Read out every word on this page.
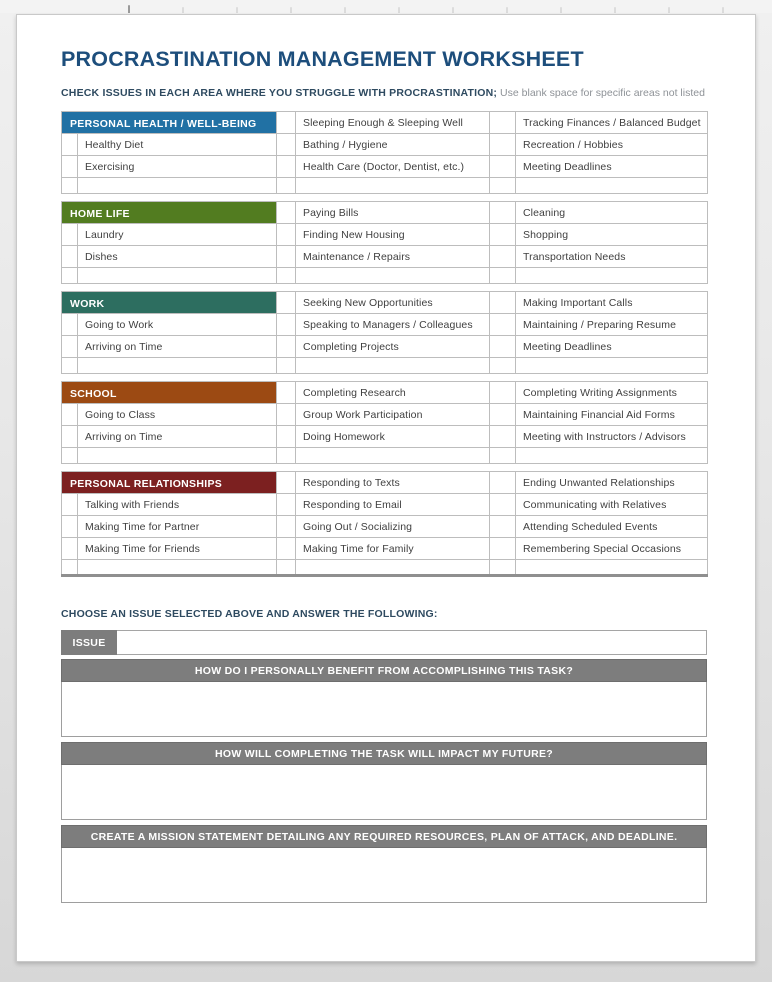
PROCRASTINATION MANAGEMENT WORKSHEET
CHECK ISSUES IN EACH AREA WHERE YOU STRUGGLE WITH PROCRASTINATION; Use blank space for specific areas not listed
PERSONAL HEALTH / WELL-BEING			Sleeping Enough & Sleeping Well		Tracking Finances / Balanced Budget
	Healthy Diet		Bathing / Hygiene		Recreation / Hobbies
	Exercising		Health Care (Doctor, Dentist, etc.)		Meeting Deadlines

HOME LIFE			Paying Bills		Cleaning
	Laundry		Finding New Housing		Shopping
	Dishes		Maintenance / Repairs		Transportation Needs

WORK			Seeking New Opportunities		Making Important Calls
	Going to Work		Speaking to Managers / Colleagues		Maintaining / Preparing Resume
	Arriving on Time		Completing Projects		Meeting Deadlines

SCHOOL			Completing Research		Completing Writing Assignments
	Going to Class		Group Work Participation		Maintaining Financial Aid Forms
	Arriving on Time		Doing Homework		Meeting with Instructors / Advisors

PERSONAL RELATIONSHIPS			Responding to Texts		Ending Unwanted Relationships
	Talking with Friends		Responding to Email		Communicating with Relatives
	Making Time for Partner		Going Out / Socializing		Attending Scheduled Events
	Making Time for Friends		Making Time for Family		Remembering Special Occasions

CHOOSE AN ISSUE SELECTED ABOVE AND ANSWER THE FOLLOWING:
ISSUE
HOW DO I PERSONALLY BENEFIT FROM ACCOMPLISHING THIS TASK?
HOW WILL COMPLETING THE TASK WILL IMPACT MY FUTURE?
CREATE A MISSION STATEMENT DETAILING ANY REQUIRED RESOURCES, PLAN OF ATTACK, AND DEADLINE.
